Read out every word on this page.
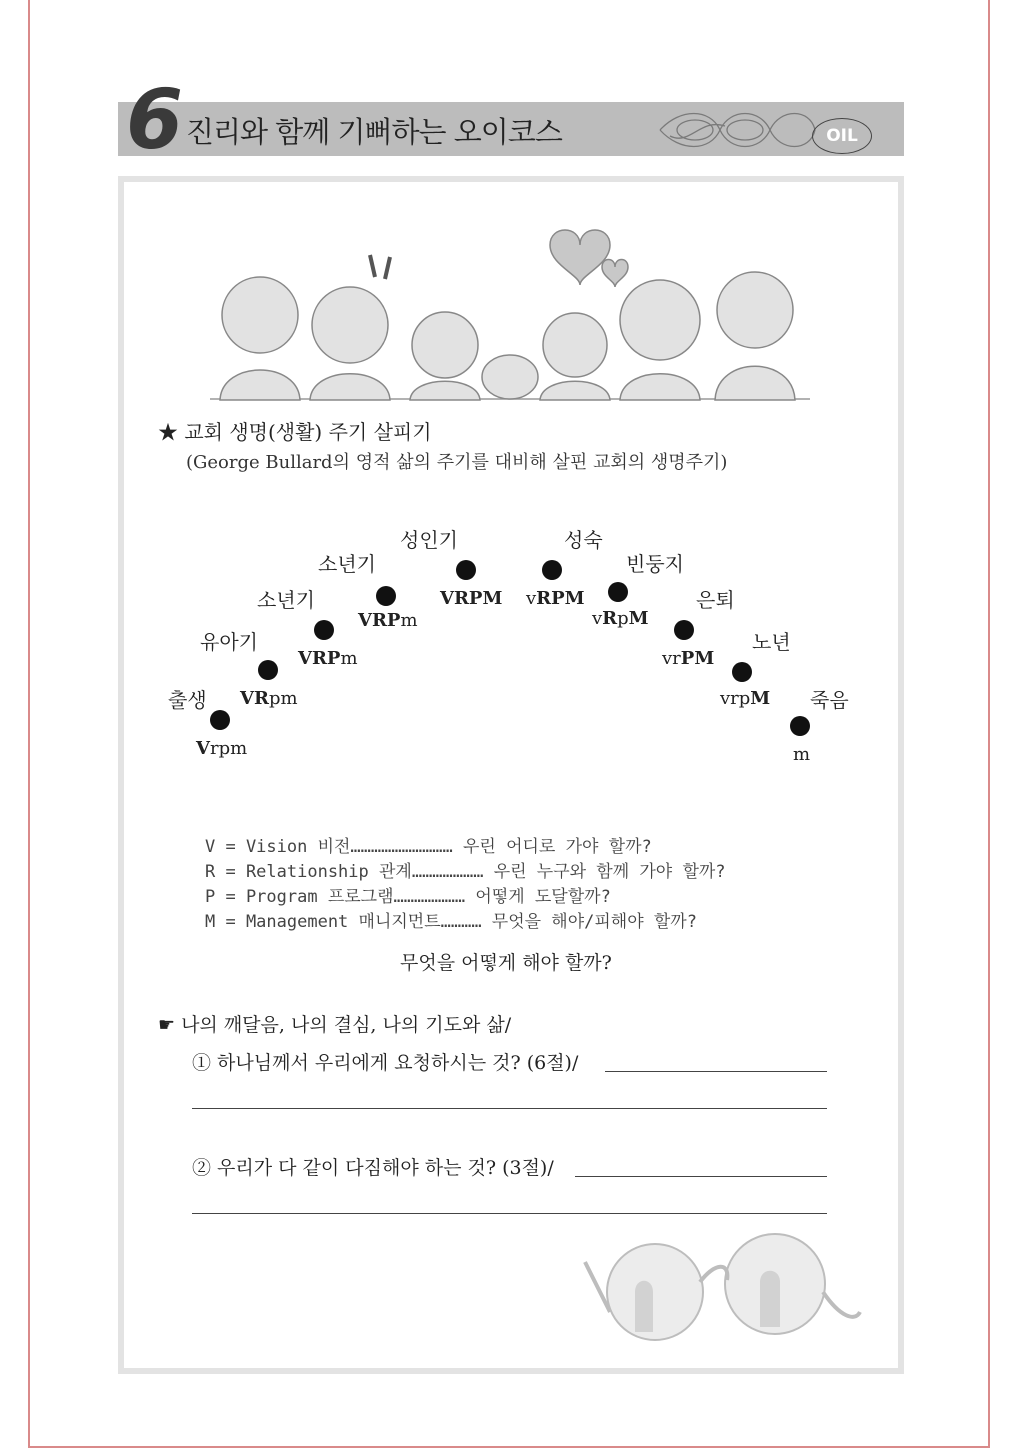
6 진리와 함께 기뻐하는 오이코스	OIL
★ 교회 생명(생활) 주기 살피기
(George Bullard의 영적 삶의 주기를 대비해 살핀 교회의 생명주기)
출생
Vrpm
유아기
VRpm
소년기
VRPm
소년기
VRPm
성인기
VRPM
성숙
vRPM
빈둥지
vRpM
은퇴
vrPM
노년
vrpM 죽음
m
V = Vision 비전………………………… 우린 어디로 가야 할까?
R = Relationship 관계………………… 우린 누구와 함께 가야 할까?
P = Program 프로그램………………… 어떻게 도달할까?
M = Management 매니지먼트………… 무엇을 해야/피해야 할까?
무엇을 어떻게 해야 할까?
☛ 나의 깨달음, 나의 결심, 나의 기도와 삶/
① 하나님께서 우리에게 요청하시는 것? (6절)/
② 우리가 다 같이 다짐해야 하는 것? (3절)/
